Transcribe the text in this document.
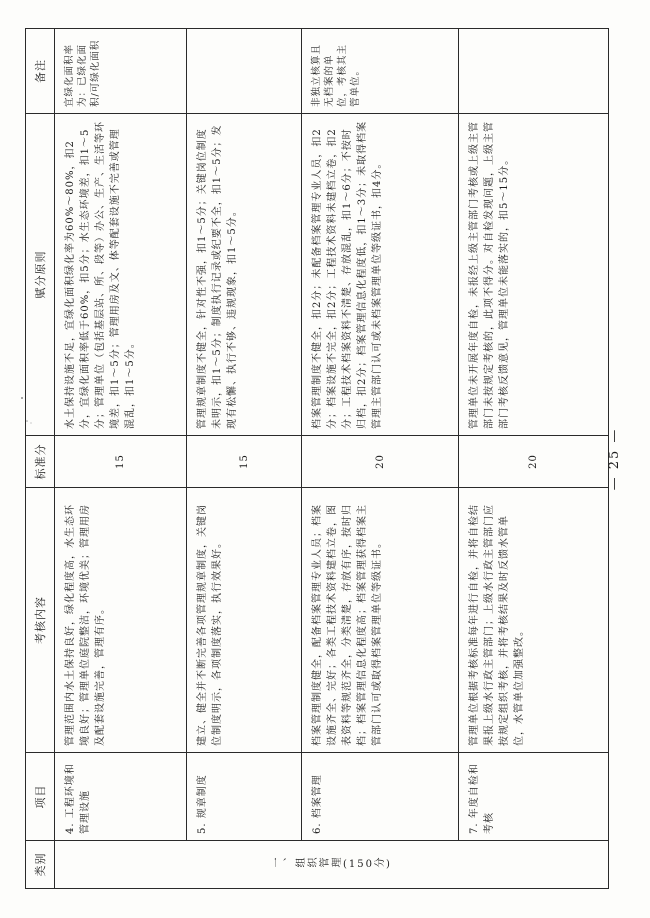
类别	项目	考核内容	标准分	赋分原则	备注

一、组织管理(150分)	4. 工程环境和管理设施	管理范围内水土保持良好，绿化程度高，水生态环境良好；管理单位庭院整洁，环境优美；管理用房及配套设施完善，管理有序。	15	水土保持设施不足，宜绿化面积绿化率为60%～80%，扣2分，宜绿化面积率低于60%，扣5分；水生态环境差，扣1～5分；管理单位（包括基层站、所、段等）办公、生产、生活等环境差，扣1～5分；管理用房及文、体等配套设施不完善或管理混乱，扣1～5分。	宜绿化面积率为：已绿化面积/可绿化面积
	5. 规章制度	建立、健全并不断完善各项管理规章制度，关键岗位制度明示，各项制度落实，执行效果好。	15	管理规章制度不健全，针对性不强，扣1～5分；关键岗位制度未明示，扣1～5分；制度执行记录或纪要不全，扣1～5分；发现有松懈、执行不够、违规现象，扣1～5分。	
	6. 档案管理	档案管理制度健全，配备档案管理专业人员；档案设施齐全、完好；各类工程技术资料建档立卷，图表资料等规范齐全，分类清楚，存放有序，按时归档；档案管理信息化程度高；档案管理获得档案主管部门认可或取得档案管理单位等级证书。	20	档案管理制度不健全，扣2分；未配备档案管理专业人员，扣2分；档案设施不完全，扣2分；工程技术资料未建档立卷，扣2分；工程技术档案资料不清楚、存放混乱，扣1～6分；不按时归档，扣2分；档案管理信息化程度低，扣1～3分；未取得档案管理主管部门认可或未档案管理单位等级证书，扣4分。	非独立核算且无档案的单位，考核其主管单位。
	7. 年度自检和考核	管理单位根据考核标准每年进行自检，并将自检结果报上级水行政主管部门；上级水行政主管部门应按规定组织考核，并将考核结果及时反馈水管单位，水管单位加强整改。	20	管理单位未开展年度自检，未报经上级主管部门考核或上级主管部门未按规定考核的，此项不得分。对自检发现问题，上级主管部门考核反馈意见，管理单位未能落实的，扣5～15分。	
— 25 —
